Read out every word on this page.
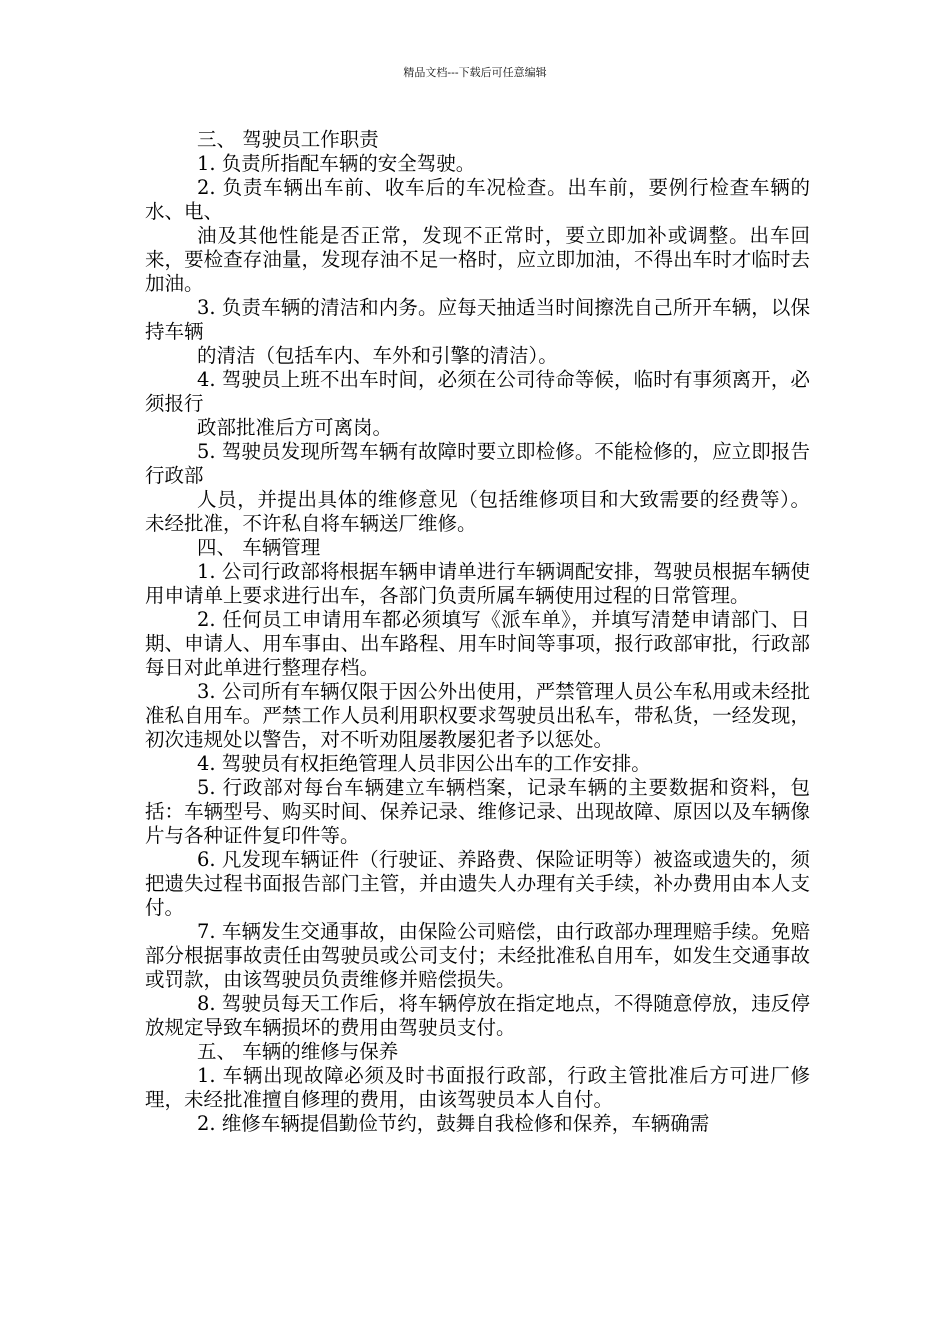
精品文档---下载后可任意编辑

三、 驾驶员工作职责

1. 负责所指配车辆的安全驾驶。

2. 负责车辆出车前、收车后的车况检查。出车前，要例行检查车辆的水、电、

油及其他性能是否正常，发现不正常时，要立即加补或调整。出车回来，要检查存油量，发现存油不足一格时，应立即加油，不得出车时才临时去加油。

3. 负责车辆的清洁和内务。应每天抽适当时间擦洗自己所开车辆，以保持车辆

的清洁（包括车内、车外和引擎的清洁）。

4. 驾驶员上班不出车时间，必须在公司待命等候，临时有事须离开，必须报行

政部批准后方可离岗。

5. 驾驶员发现所驾车辆有故障时要立即检修。不能检修的，应立即报告行政部

人员，并提出具体的维修意见（包括维修项目和大致需要的经费等）。未经批准，不许私自将车辆送厂维修。

四、 车辆管理

1. 公司行政部将根据车辆申请单进行车辆调配安排，驾驶员根据车辆使用申请单上要求进行出车，各部门负责所属车辆使用过程的日常管理。

2. 任何员工申请用车都必须填写《派车单》，并填写清楚申请部门、日期、申请人、用车事由、出车路程、用车时间等事项，报行政部审批，行政部每日对此单进行整理存档。

3. 公司所有车辆仅限于因公外出使用，严禁管理人员公车私用或未经批准私自用车。严禁工作人员利用职权要求驾驶员出私车，带私货，一经发现，初次违规处以警告，对不听劝阻屡教屡犯者予以惩处。

4. 驾驶员有权拒绝管理人员非因公出车的工作安排。

5. 行政部对每台车辆建立车辆档案，记录车辆的主要数据和资料，包括：车辆型号、购买时间、保养记录、维修记录、出现故障、原因以及车辆像片与各种证件复印件等。

6. 凡发现车辆证件（行驶证、养路费、保险证明等）被盗或遗失的，须把遗失过程书面报告部门主管，并由遗失人办理有关手续，补办费用由本人支付。

7. 车辆发生交通事故，由保险公司赔偿，由行政部办理理赔手续。免赔部分根据事故责任由驾驶员或公司支付；未经批准私自用车，如发生交通事故或罚款，由该驾驶员负责维修并赔偿损失。

8. 驾驶员每天工作后，将车辆停放在指定地点，不得随意停放，违反停放规定导致车辆损坏的费用由驾驶员支付。

五、 车辆的维修与保养

1. 车辆出现故障必须及时书面报行政部，行政主管批准后方可进厂修理，未经批准擅自修理的费用，由该驾驶员本人自付。

2. 维修车辆提倡勤俭节约，鼓舞自我检修和保养，车辆确需
